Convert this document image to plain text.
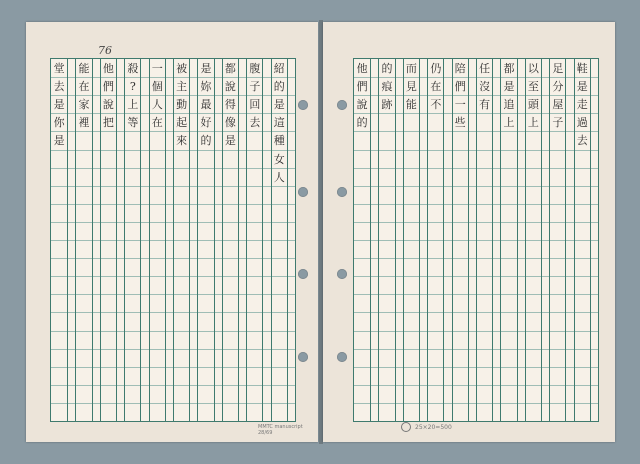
76
堂
去
是
你
是
能
在
家
裡
他
們
說
把
殺
?
上
等
一
個
人
在
被
主
動
起
來
是
妳
最
好
的
都
說
得
像
是
腹
子
回
去
紹
的
是
這
種
女
人
MMTC manuscript 28/69
他
們
說
的
的
痕
跡
而
見
能
仍
在
不
陪
們
一
些
任
沒
有
都
是
追
上
以
至
頭
上
足
分
屋
子
鞋
是
走
過
去
25×20=500
